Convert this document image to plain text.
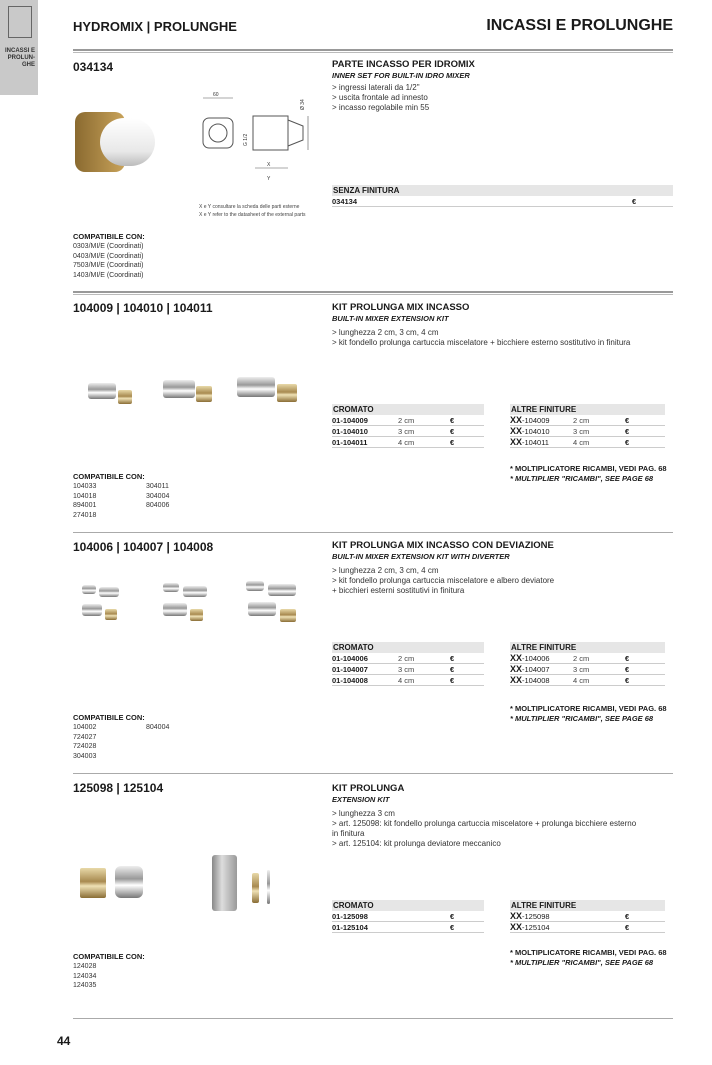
INCASSI E PROLUN-GHE
HYDROMIX | PROLUNGHE	INCASSI E PROLUNGHE
034134	PARTE INCASSO PER IDROMIX
INNER SET FOR BUILT-IN IDRO MIXER
> ingressi laterali da 1/2"
> uscita frontale ad innesto
> incasso regolabile min 55
60
Ø 34
G 1/2
X
Y
X e Y consultare la scheda delle parti esterne
X e Y refer to the datasheet of the external parts
SENZA FINITURA
034134	€
COMPATIBILE CON:
0303/MI/E (Coordinati)
0403/MI/E (Coordinati)
7503/MI/E (Coordinati)
1403/MI/E (Coordinati)
104009 | 104010 | 104011	KIT PROLUNGA MIX INCASSO
BUILT-IN MIXER EXTENSION KIT
> lunghezza 2 cm, 3 cm, 4 cm
> kit fondello prolunga cartuccia miscelatore + bicchiere esterno sostitutivo in finitura
CROMATO
01-104009	2 cm	€
01-104010	3 cm	€
01-104011	4 cm	€
ALTRE FINITURE
XX-104009	2 cm	€
XX-104010	3 cm	€
XX-104011	4 cm	€
* MOLTIPLICATORE RICAMBI, VEDI PAG. 68
* MULTIPLIER "RICAMBI", SEE PAGE 68
COMPATIBILE CON:
104033	304011
104018	304004
894001	804006
274018
104006 | 104007 | 104008	KIT PROLUNGA MIX INCASSO CON DEVIAZIONE
BUILT-IN MIXER EXTENSION KIT WITH DIVERTER
> lunghezza 2 cm, 3 cm, 4 cm
> kit fondello prolunga cartuccia miscelatore e albero deviatore
+ bicchieri esterni sostitutivi in finitura
CROMATO
01-104006	2 cm	€
01-104007	3 cm	€
01-104008	4 cm	€
ALTRE FINITURE
XX-104006	2 cm	€
XX-104007	3 cm	€
XX-104008	4 cm	€
* MOLTIPLICATORE RICAMBI, VEDI PAG. 68
* MULTIPLIER "RICAMBI", SEE PAGE 68
COMPATIBILE CON:
104002	804004
724027
724028
304003
125098 | 125104	KIT PROLUNGA
EXTENSION KIT
> lunghezza 3 cm
> art. 125098: kit fondello prolunga cartuccia miscelatore + prolunga bicchiere esterno
in finitura
> art. 125104: kit prolunga deviatore meccanico
CROMATO
01-125098	€
01-125104	€
ALTRE FINITURE
XX-125098	€
XX-125104	€
* MOLTIPLICATORE RICAMBI, VEDI PAG. 68
* MULTIPLIER "RICAMBI", SEE PAGE 68
COMPATIBILE CON:
124028
124034
124035
44
